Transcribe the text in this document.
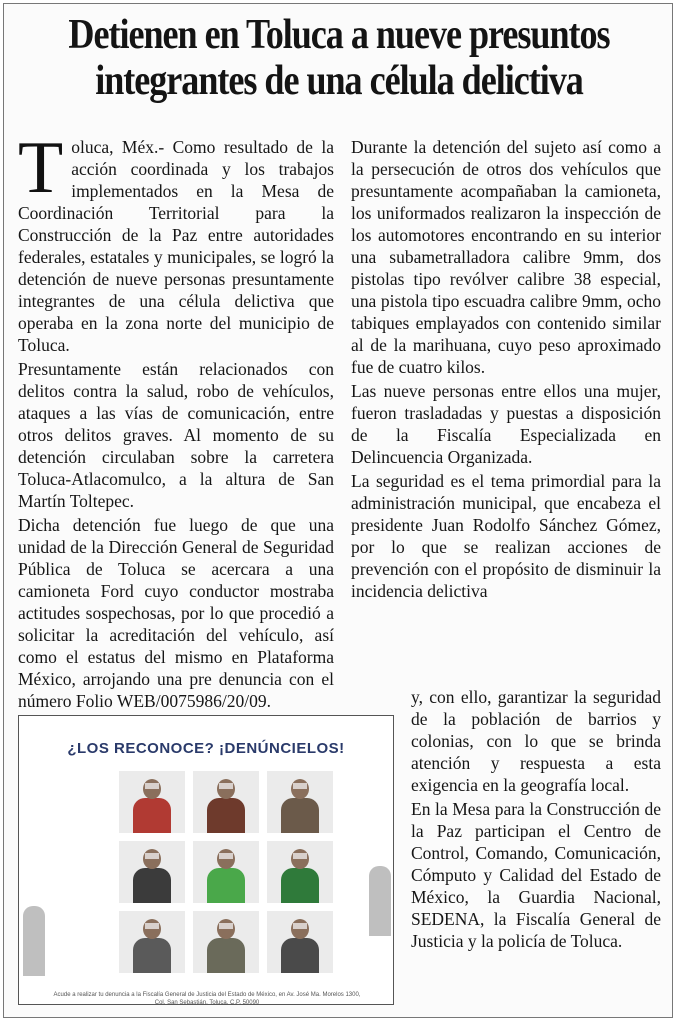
Detienen en Toluca a nueve presuntos integrantes de una célula delictiva
T oluca, Méx.- Como resultado de la acción coordinada y los trabajos implementados en la Mesa de Coordinación Territorial para la Construcción de la Paz entre autoridades federales, estatales y municipales, se logró la detención de nueve personas presuntamente integrantes de una célula delictiva que operaba en la zona norte del municipio de Toluca.

Presuntamente están relacionados con delitos contra la salud, robo de vehículos, ataques a las vías de comunicación, entre otros delitos graves. Al momento de su detención circulaban sobre la carretera Toluca-Atlacomulco, a la altura de San Martín Toltepec.

Dicha detención fue luego de que una unidad de la Dirección General de Seguridad Pública de Toluca se acercara a una camioneta Ford cuyo conductor mostraba actitudes sospechosas, por lo que procedió a solicitar la acreditación del vehículo, así como el estatus del mismo en Plataforma México, arrojando una pre denuncia con el número Folio WEB/0075986/20/09.

Durante la detención del sujeto así como a la persecución de otros dos vehículos que presuntamente acompañaban la camioneta, los uniformados realizaron la inspección de los automotores encontrando en su interior una subametralladora calibre 9mm, dos pistolas tipo revólver calibre 38 especial, una pistola tipo escuadra calibre 9mm, ocho tabiques emplayados con contenido similar al de la marihuana, cuyo peso aproximado fue de cuatro kilos.

Las nueve personas entre ellos una mujer, fueron trasladadas y puestas a disposición de la Fiscalía Especializada en Delincuencia Organizada.

La seguridad es el tema primordial para la administración municipal, que encabeza el presidente Juan Rodolfo Sánchez Gómez, por lo que se realizan acciones de prevención con el propósito de disminuir la incidencia delictiva

y, con ello, garantizar la seguridad de la población de barrios y colonias, con lo que se brinda atención y respuesta a esta exigencia en la geografía local.

En la Mesa para la Construcción de la Paz participan el Centro de Control, Comando, Comunicación, Cómputo y Calidad del Estado de México, la Guardia Nacional, SEDENA, la Fiscalía General de Justicia y la policía de Toluca.

¿LOS RECONOCE? ¡DENÚNCIELOS!
Acude a realizar tu denuncia a la Fiscalía General de Justicia del Estado de México, en Av. José Ma. Morelos 1300, Col. San Sebastián, Toluca, C.P. 50090
